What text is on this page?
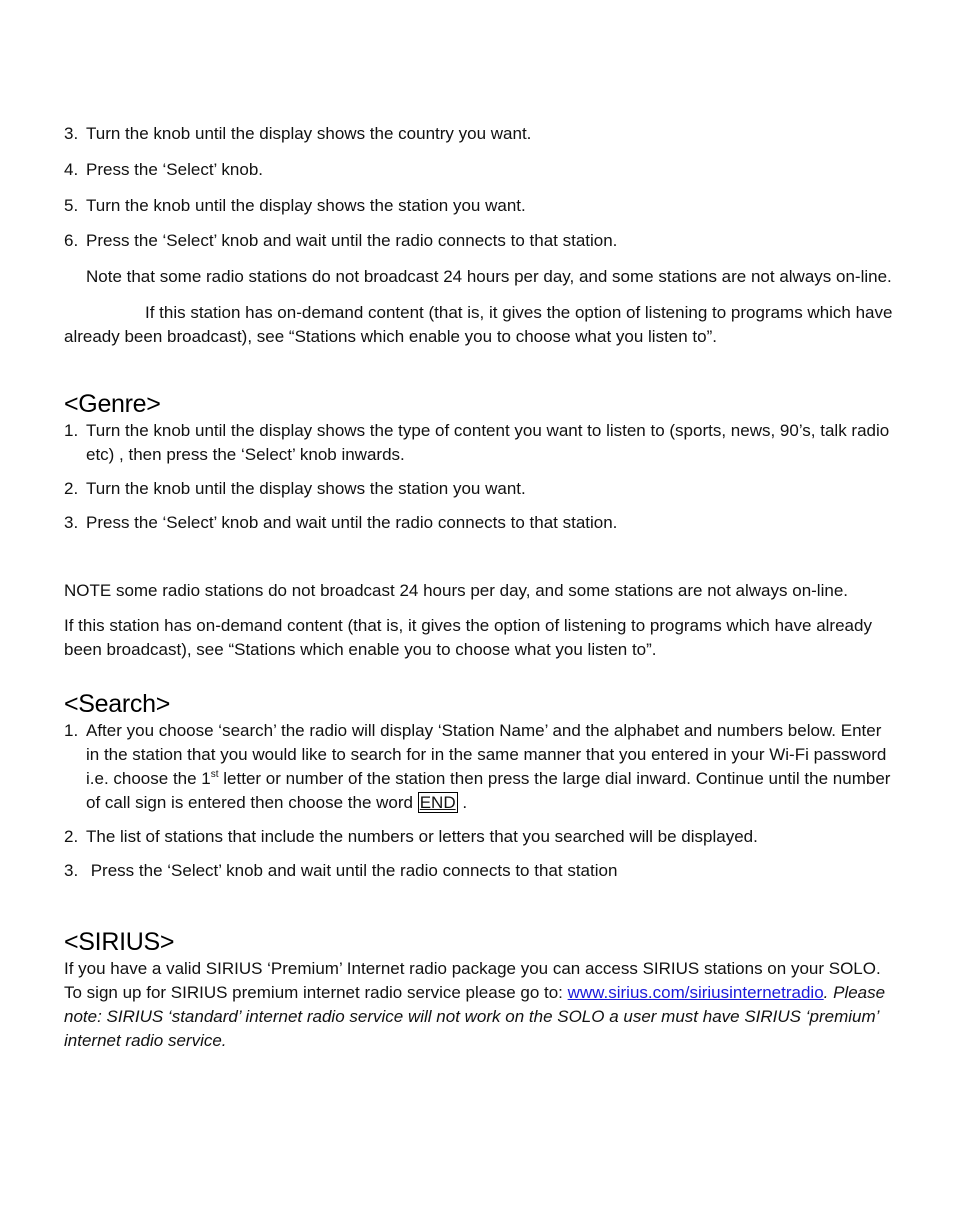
3. Turn the knob until the display shows the country you want.
4. Press the ‘Select’ knob.
5. Turn the knob until the display shows the station you want.
6. Press the ‘Select’ knob and wait until the radio connects to that station.

Note that some radio stations do not broadcast 24 hours per day, and some stations are not always on-line.

If this station has on-demand content (that is, it gives the option of listening to programs which have already been broadcast), see “Stations which enable you to choose what you listen to”.

<Genre>
1. Turn the knob until the display shows the type of content you want to listen to (sports, news, 90’s, talk radio etc) , then press the ‘Select’ knob inwards.
2. Turn the knob until the display shows the station you want.
3. Press the ‘Select’ knob and wait until the radio connects to that station.

NOTE some radio stations do not broadcast 24 hours per day, and some stations are not always on-line.

If this station has on-demand content (that is, it gives the option of listening to programs which have already been broadcast), see “Stations which enable you to choose what you listen to”.

<Search>
1. After you choose ‘search’ the radio will display ‘Station Name’ and the alphabet and numbers below. Enter in the station that you would like to search for in the same manner that you entered in your Wi-Fi password i.e. choose the 1st letter or number of the station then press the large dial inward. Continue until the number of call sign is entered then choose the word END .
2. The list of stations that include the numbers or letters that you searched will be displayed.
3. Press the ‘Select’ knob and wait until the radio connects to that station
<SIRIUS>

If you have a valid SIRIUS ‘Premium’ Internet radio package you can access SIRIUS stations on your SOLO. To sign up for SIRIUS premium internet radio service please go to: www.sirius.com/siriusinternetradio. Please note: SIRIUS ‘standard’ internet radio service will not work on the SOLO a user must have SIRIUS ‘premium’ internet radio service.
